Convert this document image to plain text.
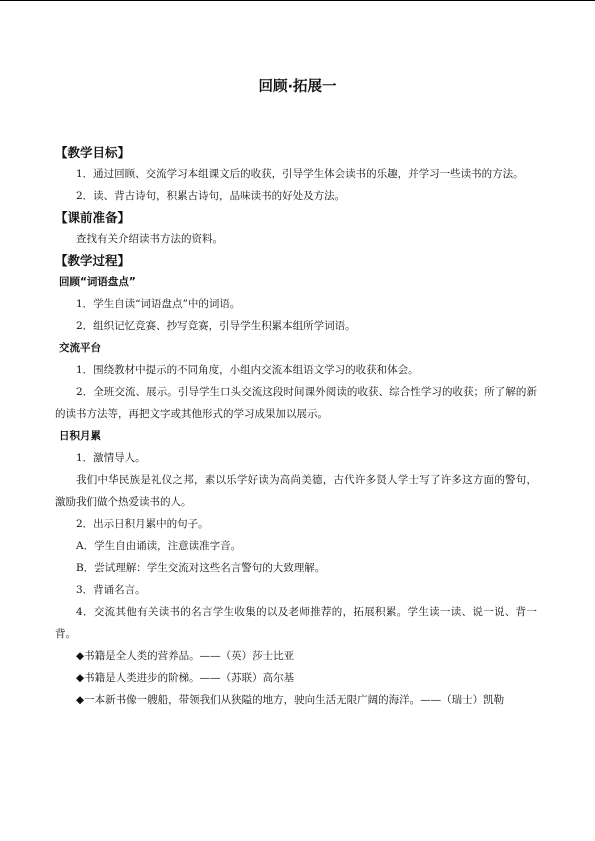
回顾·拓展一
【教学目标】

1．通过回顾、交流学习本组课文后的收获，引导学生体会读书的乐趣，并学习一些读书的方法。

2．读、背古诗句，积累古诗句，品味读书的好处及方法。

【课前准备】

查找有关介绍读书方法的资料。

【教学过程】
回顾“词语盘点”

1．学生自读“词语盘点”中的词语。

2．组织记忆竞赛、抄写竞赛，引导学生积累本组所学词语。

交流平台

1．围绕教材中提示的不同角度，小组内交流本组语文学习的收获和体会。

2．全班交流、展示。引导学生口头交流这段时间课外阅读的收获、综合性学习的收获；所了解的新的读书方法等，再把文字或其他形式的学习成果加以展示。

日积月累

1．激情导人。

我们中华民族是礼仪之邦，素以乐学好读为高尚美德，古代许多贤人学士写了许多这方面的警句，激励我们做个热爱读书的人。

2．出示日积月累中的句子。

A．学生自由诵读，注意读准字音。

B．尝试理解：学生交流对这些名言警句的大致理解。

3．背诵名言。

4．交流其他有关读书的名言学生收集的以及老师推荐的，拓展积累。学生读一读、说一说、背一背。

◆书籍是全人类的营养品。——（英）莎士比亚

◆书籍是人类进步的阶梯。——（苏联）高尔基

◆一本新书像一艘船，带领我们从狭隘的地方，驶向生活无限广阔的海洋。——（瑞士）凯勒
